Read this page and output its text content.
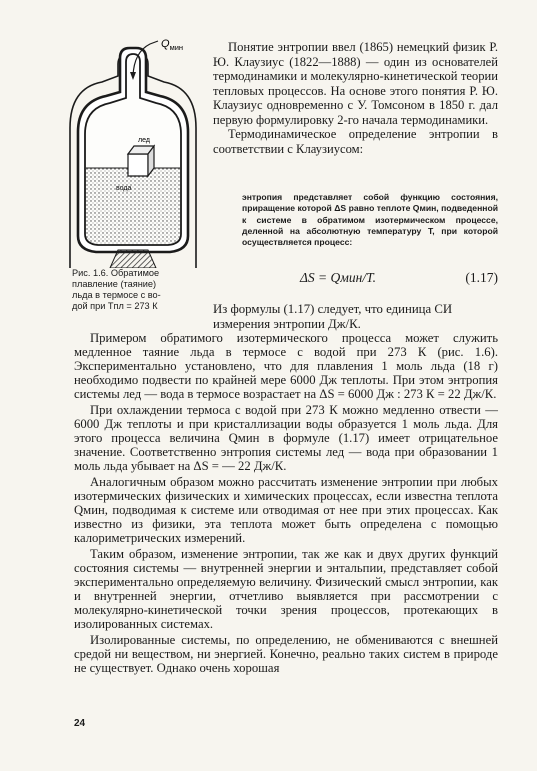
$Q_{мин}$
лед
вода
Рис. 1.6. Обратимое
плавление (таяние)
льда в термосе с во-
дой при Tпл = 273 К

Понятие энтропии ввел (1865) немецкий физик Р. Ю. Клаузиус (1822—1888) — один из основателей термодинамики и молекулярно-кинетической теории тепловых процессов. На основе этого понятия Р. Ю. Клаузиус одновременно с У. Томсоном в 1850 г. дал первую формулировку 2-го начала термодинамики.

Термодинамическое определение энтропии в соответствии с Клаузиусом:

энтропия представляет собой функцию состояния, приращение которой ΔS равно теплоте Qмин, подведенной к системе в обратимом изотермическом процессе, деленной на абсолютную температуру T, при которой осуществляется процесс:
ΔS = Qмин/T.	(1.17)
Из формулы (1.17) следует, что единица СИ измерения энтропии Дж/К.

Примером обратимого изотермического процесса может служить медленное таяние льда в термосе с водой при 273 К (рис. 1.6). Экспериментально установлено, что для плавления 1 моль льда (18 г) необходимо подвести по крайней мере 6000 Дж теплоты. При этом энтропия системы лед — вода в термосе возрастает на ΔS = 6000 Дж : 273 К = 22 Дж/К.

При охлаждении термоса с водой при 273 К можно медленно отвести — 6000 Дж теплоты и при кристаллизации воды образуется 1 моль льда. Для этого процесса величина Qмин в формуле (1.17) имеет отрицательное значение. Соответственно энтропия системы лед — вода при образовании 1 моль льда убывает на ΔS = — 22 Дж/К.

Аналогичным образом можно рассчитать изменение энтропии при любых изотермических физических и химических процессах, если известна теплота Qмин, подводимая к системе или отводимая от нее при этих процессах. Как известно из физики, эта теплота может быть определена с помощью калориметрических измерений.

Таким образом, изменение энтропии, так же как и двух других функций состояния системы — внутренней энергии и энтальпии, представляет собой экспериментально определяемую величину. Физический смысл энтропии, как и внутренней энергии, отчетливо выявляется при рассмотрении с молекулярно-кинетической точки зрения процессов, протекающих в изолированных системах.

Изолированные системы, по определению, не обмениваются с внешней средой ни веществом, ни энергией. Конечно, реально таких систем в природе не существует. Однако очень хорошая

24
